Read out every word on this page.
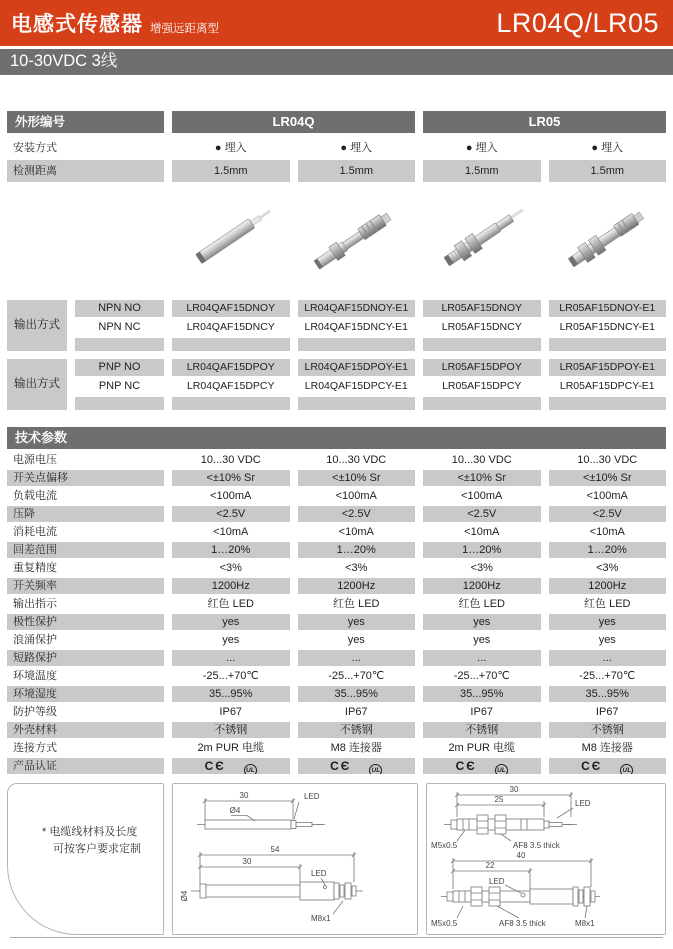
电感式传感器 增强远距离型	LR04Q/LR05
10-30VDC 3线
外形编号	LR04Q	LR05
安装方式	● 埋入	● 埋入	● 埋入	● 埋入
检测距离	1.5mm	1.5mm	1.5mm	1.5mm
输出方式
NPN NO	LR04QAF15DNOY	LR04QAF15DNOY-E1	LR05AF15DNOY	LR05AF15DNOY-E1
NPN NC	LR04QAF15DNCY	LR04QAF15DNCY-E1	LR05AF15DNCY	LR05AF15DNCY-E1
输出方式
PNP NO	LR04QAF15DPOY	LR04QAF15DPOY-E1	LR05AF15DPOY	LR05AF15DPOY-E1
PNP NC	LR04QAF15DPCY	LR04QAF15DPCY-E1	LR05AF15DPCY	LR05AF15DPCY-E1
技术参数
电源电压	10...30 VDC	10...30 VDC	10...30 VDC	10...30 VDC
开关点偏移	<±10% Sr	<±10% Sr	<±10% Sr	<±10% Sr
负载电流	<100mA	<100mA	<100mA	<100mA
压降	<2.5V	<2.5V	<2.5V	<2.5V
消耗电流	<10mA	<10mA	<10mA	<10mA
回差范围	1…20%	1…20%	1…20%	1…20%
重复精度	<3%	<3%	<3%	<3%
开关频率	1200Hz	1200Hz	1200Hz	1200Hz
输出指示	红色 LED	红色 LED	红色 LED	红色 LED
极性保护	yes	yes	yes	yes
浪涌保护	yes	yes	yes	yes
短路保护	...	...	...	...
环境温度	-25...+70℃	-25...+70℃	-25...+70℃	-25...+70℃
环境湿度	35...95%	35...95%	35...95%	35...95%
防护等级	IP67	IP67	IP67	IP67
外壳材料	不锈钢	不锈钢	不锈钢	不锈钢
连接方式	2m PUR 电缆	M8 连接器	2m PUR 电缆	M8 连接器
产品认证	CЄ	UL	CЄ	UL	CЄ	UL	CЄ	UL
* 电缆线材料及长度
可按客户要求定制
30
Ø4
LED
54
30
Ø4
LED
M8x1
30
25	LED
M5x0.5	AF8 3.5 thick
40
22
LED
M5x0.5	AF8 3.5 thick	M8x1
